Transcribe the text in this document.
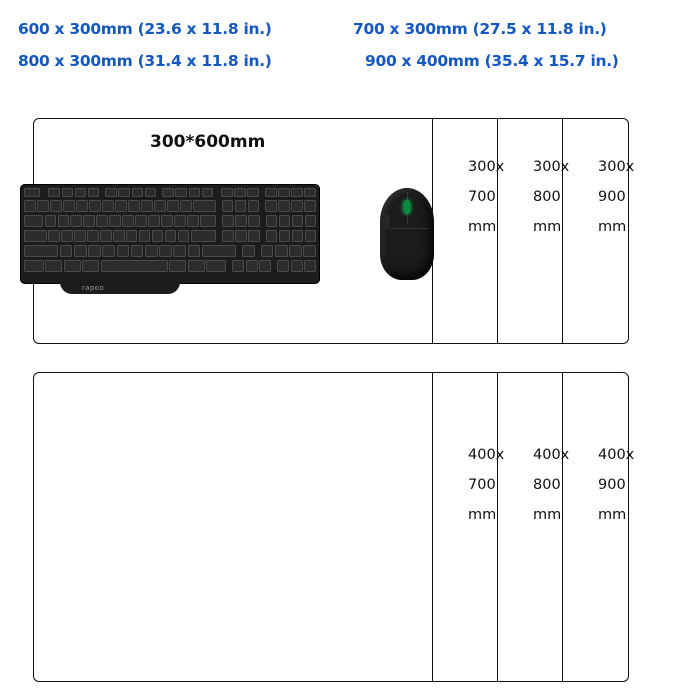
600 x 300mm (23.6 x 11.8 in.)	700 x 300mm (27.5 x 11.8 in.)
800 x 300mm (31.4 x 11.8 in.)	900 x 400mm (35.4 x 15.7 in.)
300*600mm
300x
700
mm
300x
800
mm
300x
900
mm
rapoo
400x
700
mm
400x
800
mm
400x
900
mm
